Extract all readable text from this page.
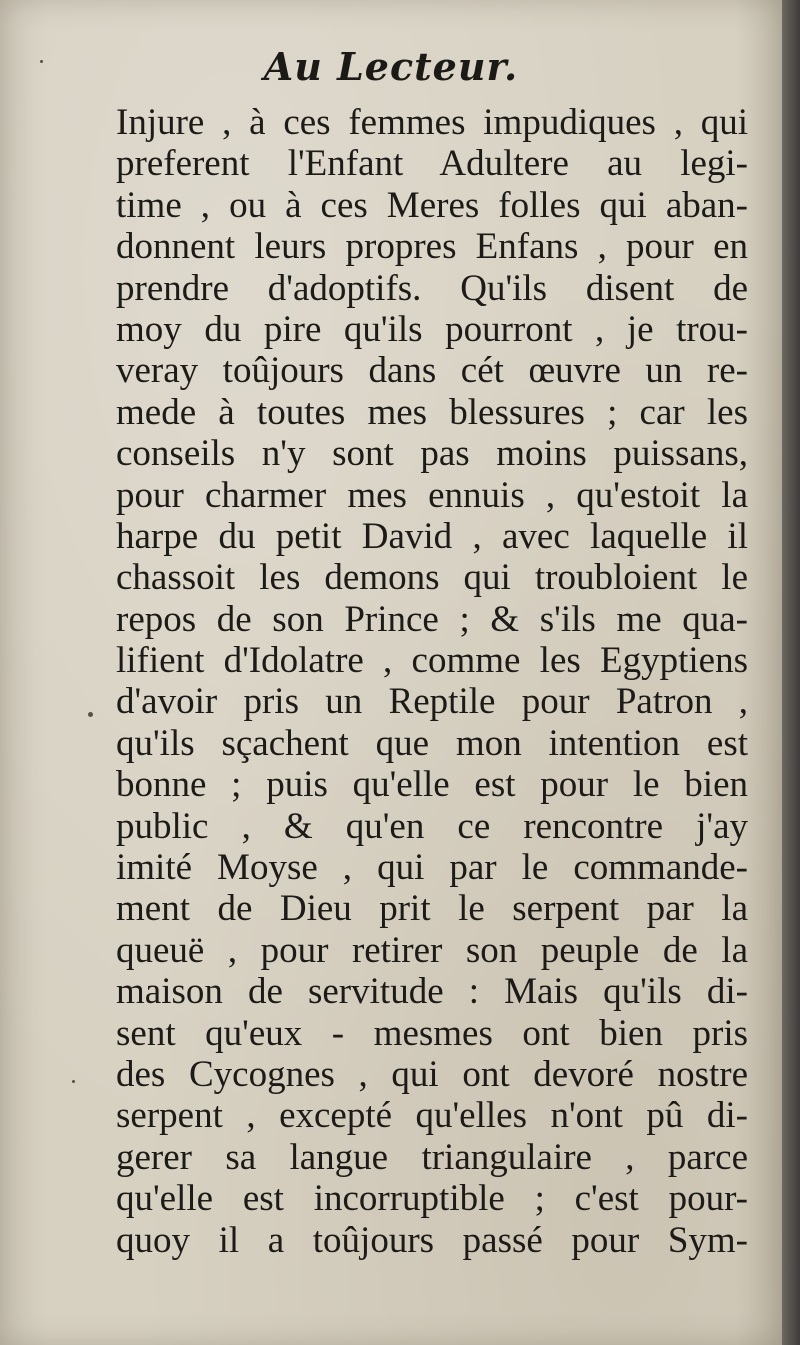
Au Lecteur.
Injure , à ces femmes impudiques , qui
preferent l'Enfant Adultere au legi-
time , ou à ces Meres folles qui aban-
donnent leurs propres Enfans , pour en
prendre d'adoptifs. Qu'ils disent de
moy du pire qu'ils pourront , je trou-
veray toûjours dans cét œuvre un re-
mede à toutes mes blessures ; car les
conseils n'y sont pas moins puissans,
pour charmer mes ennuis , qu'estoit la
harpe du petit David , avec laquelle il
chassoit les demons qui troubloient le
repos de son Prince ; & s'ils me qua-
lifient d'Idolatre , comme les Egyptiens
d'avoir pris un Reptile pour Patron ,
qu'ils sçachent que mon intention est
bonne ; puis qu'elle est pour le bien
public , & qu'en ce rencontre j'ay
imité Moyse , qui par le commande-
ment de Dieu prit le serpent par la
queuë , pour retirer son peuple de la
maison de servitude : Mais qu'ils di-
sent qu'eux - mesmes ont bien pris
des Cycognes , qui ont devoré nostre
serpent , excepté qu'elles n'ont pû di-
gerer sa langue triangulaire , parce
qu'elle est incorruptible ; c'est pour-
quoy il a toûjours passé pour Sym-
